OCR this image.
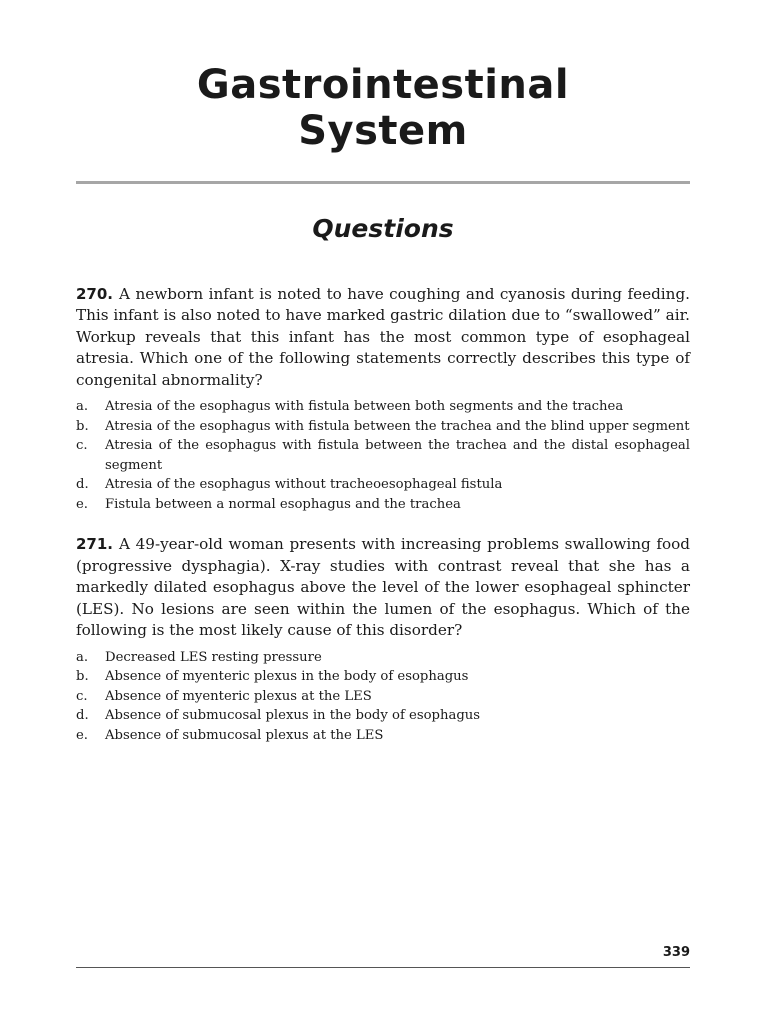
Gastrointestinal
System
Questions

270. A newborn infant is noted to have coughing and cyanosis during feeding. This infant is also noted to have marked gastric dilation due to “swallowed” air. Workup reveals that this infant has the most common type of esophageal atresia. Which one of the following statements correctly describes this type of congenital abnormality?

a.	Atresia of the esophagus with fistula between both segments and the trachea
b.	Atresia of the esophagus with fistula between the trachea and the blind upper segment
c.	Atresia of the esophagus with fistula between the trachea and the distal esophageal segment
d.	Atresia of the esophagus without tracheoesophageal fistula
e.	Fistula between a normal esophagus and the trachea

271. A 49-year-old woman presents with increasing problems swallowing food (progressive dysphagia). X-ray studies with contrast reveal that she has a markedly dilated esophagus above the level of the lower esophageal sphincter (LES). No lesions are seen within the lumen of the esophagus. Which of the following is the most likely cause of this disorder?

a.	Decreased LES resting pressure
b.	Absence of myenteric plexus in the body of esophagus
c.	Absence of myenteric plexus at the LES
d.	Absence of submucosal plexus in the body of esophagus
e.	Absence of submucosal plexus at the LES
339
